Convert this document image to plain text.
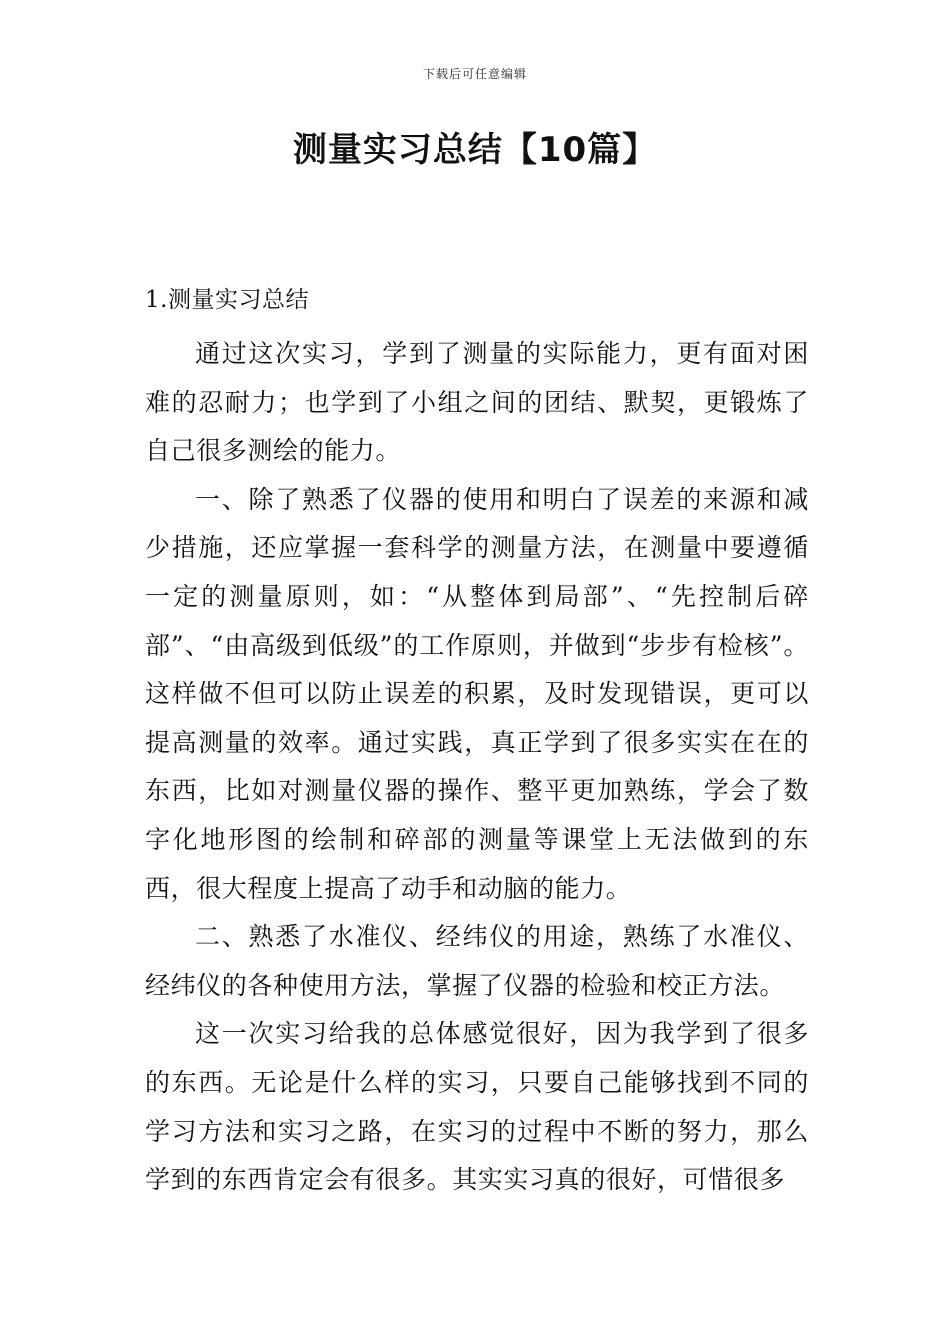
下载后可任意编辑
测量实习总结【10篇】
1.测量实习总结

通过这次实习，学到了测量的实际能力，更有面对困难的忍耐力；也学到了小组之间的团结、默契，更锻炼了自己很多测绘的能力。

一、除了熟悉了仪器的使用和明白了误差的来源和减少措施，还应掌握一套科学的测量方法，在测量中要遵循一定的测量原则，如：“从整体到局部”、“先控制后碎部”、“由高级到低级”的工作原则，并做到“步步有检核”。这样做不但可以防止误差的积累，及时发现错误，更可以提高测量的效率。通过实践，真正学到了很多实实在在的东西，比如对测量仪器的操作、整平更加熟练，学会了数字化地形图的绘制和碎部的测量等课堂上无法做到的东西，很大程度上提高了动手和动脑的能力。

二、熟悉了水准仪、经纬仪的用途，熟练了水准仪、经纬仪的各种使用方法，掌握了仪器的检验和校正方法。

这一次实习给我的总体感觉很好，因为我学到了很多的东西。无论是什么样的实习，只要自己能够找到不同的学习方法和实习之路，在实习的过程中不断的努力，那么学到的东西肯定会有很多。其实实习真的很好，可惜很多
